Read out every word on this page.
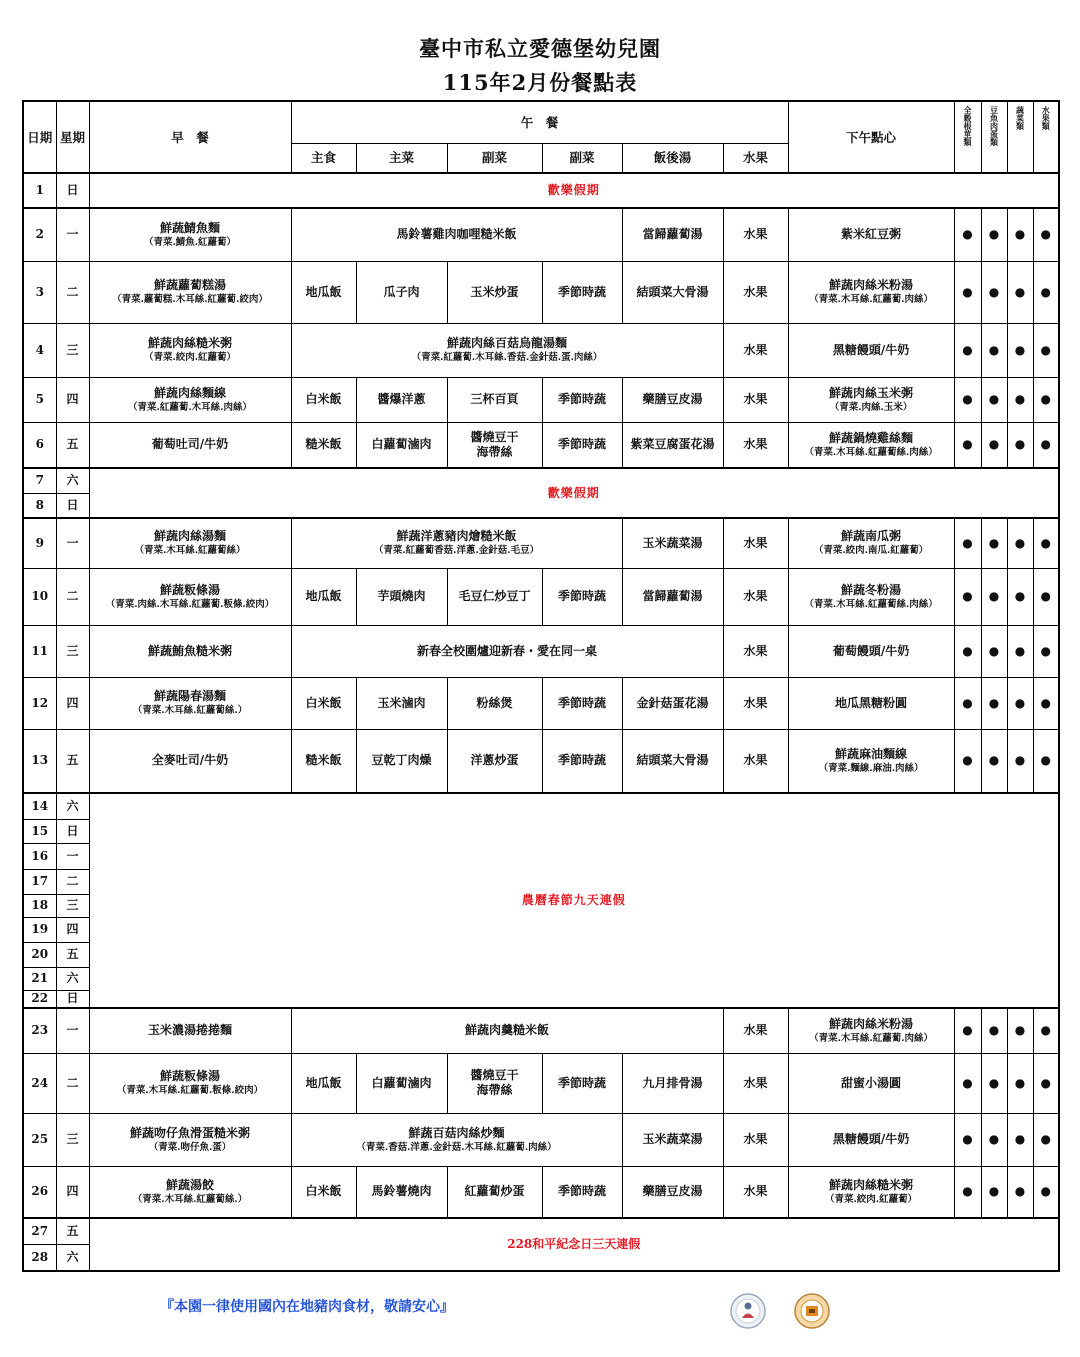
臺中市私立愛德堡幼兒園
115年2月份餐點表
日期	星期	早　餐	午　餐						下午點心	全穀根莖類	豆魚肉蛋類	蔬菜類	水果類
			主食	主菜	副菜	副菜	飯後湯	水果					
1	日	歡樂假期											
2	一	鮮蔬鯖魚麵
（青菜.鯖魚.紅蘿蔔）	馬鈴薯雞肉咖哩糙米飯				當歸蘿蔔湯	水果	紫米紅豆粥	●	●	●	●
3	二	鮮蔬蘿蔔糕湯
（青菜.蘿蔔糕.木耳絲.紅蘿蔔.絞肉）	地瓜飯	瓜子肉	玉米炒蛋	季節時蔬	結頭菜大骨湯	水果	鮮蔬肉絲米粉湯
（青菜.木耳絲.紅蘿蔔.肉絲）	●	●	●	●
4	三	鮮蔬肉絲糙米粥
（青菜.絞肉.紅蘿蔔）	鮮蔬肉絲百菇烏龍湯麵
（青菜.紅蘿蔔.木耳絲.香菇.金針菇.蛋.肉絲）					水果	黑糖饅頭/牛奶	●	●	●	●
5	四	鮮蔬肉絲麵線
（青菜.紅蘿蔔.木耳絲.肉絲）	白米飯	醬爆洋蔥	三杯百頁	季節時蔬	藥膳豆皮湯	水果	鮮蔬肉絲玉米粥
（青菜.肉絲.玉米）	●	●	●	●
6	五	葡萄吐司/牛奶	糙米飯	白蘿蔔滷肉	醬燒豆干
海帶絲	季節時蔬	紫菜豆腐蛋花湯	水果	鮮蔬鍋燒雞絲麵
（青菜.木耳絲.紅蘿蔔絲.肉絲）	●	●	●	●
7	六	歡樂假期											
8	日												
9	一	鮮蔬肉絲湯麵
（青菜.木耳絲.紅蘿蔔絲）	鮮蔬洋蔥豬肉燴糙米飯
（青菜.紅蘿蔔香菇.洋蔥.金針菇.毛豆）				玉米蔬菜湯	水果	鮮蔬南瓜粥
（青菜.絞肉.南瓜.紅蘿蔔）	●	●	●	●
10	二	鮮蔬粄條湯
（青菜.肉絲.木耳絲.紅蘿蔔.粄條.絞肉）	地瓜飯	芋頭燒肉	毛豆仁炒豆丁	季節時蔬	當歸蘿蔔湯	水果	鮮蔬冬粉湯
（青菜.木耳絲.紅蘿蔔絲.肉絲）	●	●	●	●
11	三	鮮蔬鮪魚糙米粥	新春全校圍爐迎新春・愛在同一桌					水果	葡萄饅頭/牛奶	●	●	●	●
12	四	鮮蔬陽春湯麵
（青菜.木耳絲.紅蘿蔔絲.）	白米飯	玉米滷肉	粉絲煲	季節時蔬	金針菇蛋花湯	水果	地瓜黑糖粉圓	●	●	●	●
13	五	全麥吐司/牛奶	糙米飯	豆乾丁肉燥	洋蔥炒蛋	季節時蔬	結頭菜大骨湯	水果	鮮蔬麻油麵線
（青菜.麵線.麻油.肉絲）	●	●	●	●
14	六	農曆春節九天連假											
15	日												
16	一												
17	二												
18	三												
19	四												
20	五												
21	六												
22	日												
23	一	玉米濃湯捲捲麵	鮮蔬肉羹糙米飯					水果	鮮蔬肉絲米粉湯
（青菜.木耳絲.紅蘿蔔.肉絲）	●	●	●	●
24	二	鮮蔬粄條湯
（青菜.木耳絲.紅蘿蔔.粄條.絞肉）	地瓜飯	白蘿蔔滷肉	醬燒豆干
海帶絲	季節時蔬	九月排骨湯	水果	甜蜜小湯圓	●	●	●	●
25	三	鮮蔬吻仔魚滑蛋糙米粥
（青菜.吻仔魚.蛋）	鮮蔬百菇肉絲炒麵
（青菜.香菇.洋蔥.金針菇.木耳絲.紅蘿蔔.肉絲）				玉米蔬菜湯	水果	黑糖饅頭/牛奶	●	●	●	●
26	四	鮮蔬湯餃
（青菜.木耳絲.紅蘿蔔絲.）	白米飯	馬鈴薯燒肉	紅蘿蔔炒蛋	季節時蔬	藥膳豆皮湯	水果	鮮蔬肉絲糙米粥
（青菜.絞肉.紅蘿蔔）	●	●	●	●
27	五	228和平紀念日三天連假											
28	六												
『本園一律使用國內在地豬肉食材，敬請安心』
